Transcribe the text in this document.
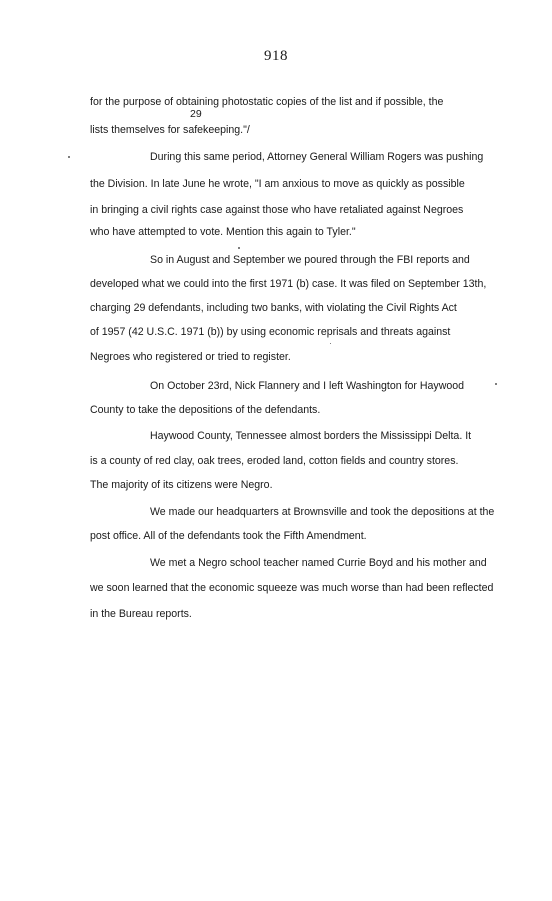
918
29
for the purpose of obtaining photostatic copies of the list and if possible, the
lists themselves for safekeeping."/
During this same period, Attorney General William Rogers was pushing
the Division. In late June he wrote, "I am anxious to move as quickly as possible
in bringing a civil rights case against those who have retaliated against Negroes
who have attempted to vote. Mention this again to Tyler."
So in August and September we poured through the FBI reports and
developed what we could into the first 1971 (b) case. It was filed on September 13th,
charging 29 defendants, including two banks, with violating the Civil Rights Act
of 1957 (42 U.S.C. 1971 (b)) by using economic reprisals and threats against
Negroes who registered or tried to register.
On October 23rd, Nick Flannery and I left Washington for Haywood
County to take the depositions of the defendants.
Haywood County, Tennessee almost borders the Mississippi Delta. It
is a county of red clay, oak trees, eroded land, cotton fields and country stores.
The majority of its citizens were Negro.
We made our headquarters at Brownsville and took the depositions at the
post office. All of the defendants took the Fifth Amendment.
We met a Negro school teacher named Currie Boyd and his mother and
we soon learned that the economic squeeze was much worse than had been reflected
in the Bureau reports.
